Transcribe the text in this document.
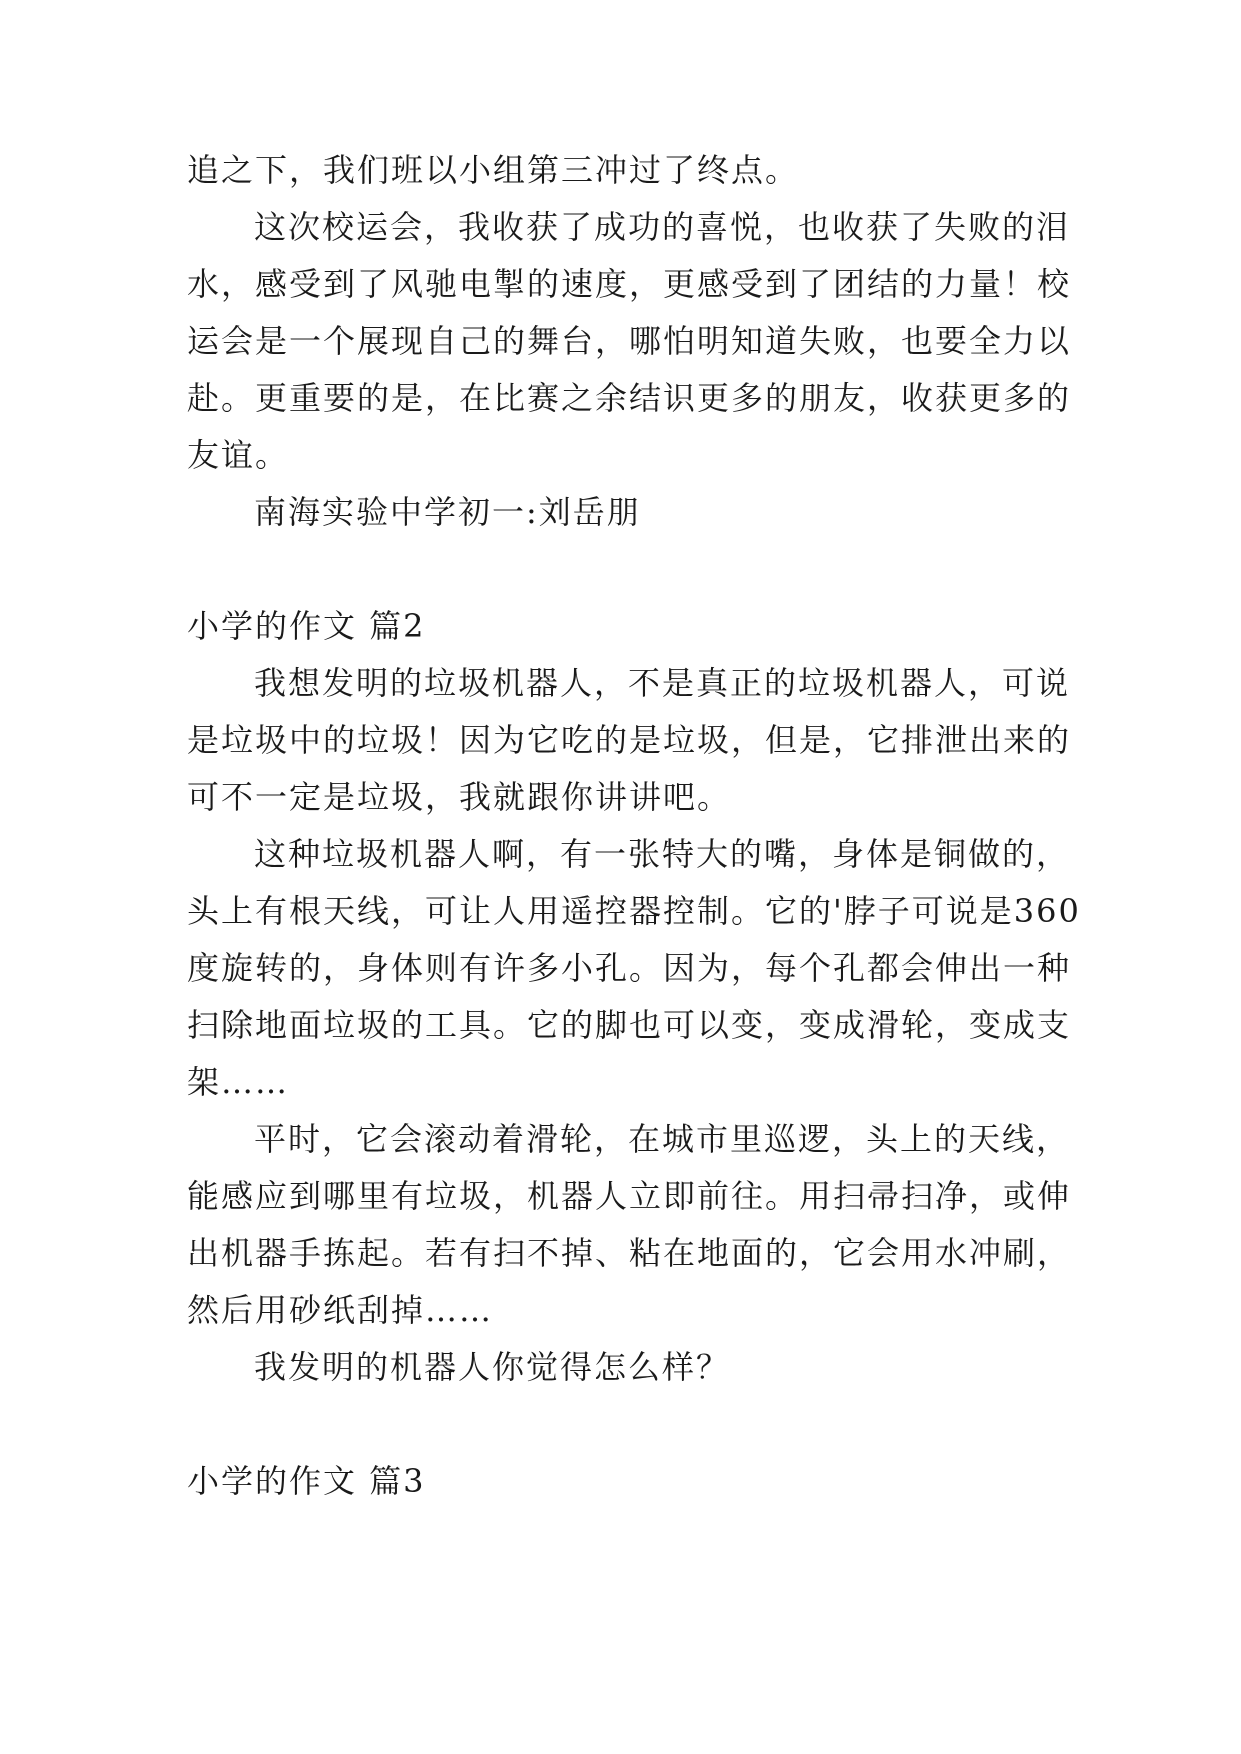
追之下，我们班以小组第三冲过了终点。
这次校运会，我收获了成功的喜悦，也收获了失败的泪
水，感受到了风驰电掣的速度，更感受到了团结的力量！校
运会是一个展现自己的舞台，哪怕明知道失败，也要全力以
赴。更重要的是，在比赛之余结识更多的朋友，收获更多的
友谊。
南海实验中学初一:刘岳朋
小学的作文 篇2
我想发明的垃圾机器人，不是真正的垃圾机器人，可说
是垃圾中的垃圾！因为它吃的是垃圾，但是，它排泄出来的
可不一定是垃圾，我就跟你讲讲吧。
这种垃圾机器人啊，有一张特大的嘴，身体是铜做的，
头上有根天线，可让人用遥控器控制。它的'脖子可说是360
度旋转的，身体则有许多小孔。因为，每个孔都会伸出一种
扫除地面垃圾的工具。它的脚也可以变，变成滑轮，变成支
架……
平时，它会滚动着滑轮，在城市里巡逻，头上的天线，
能感应到哪里有垃圾，机器人立即前往。用扫帚扫净，或伸
出机器手拣起。若有扫不掉、粘在地面的，它会用水冲刷，
然后用砂纸刮掉……
我发明的机器人你觉得怎么样？
小学的作文 篇3
